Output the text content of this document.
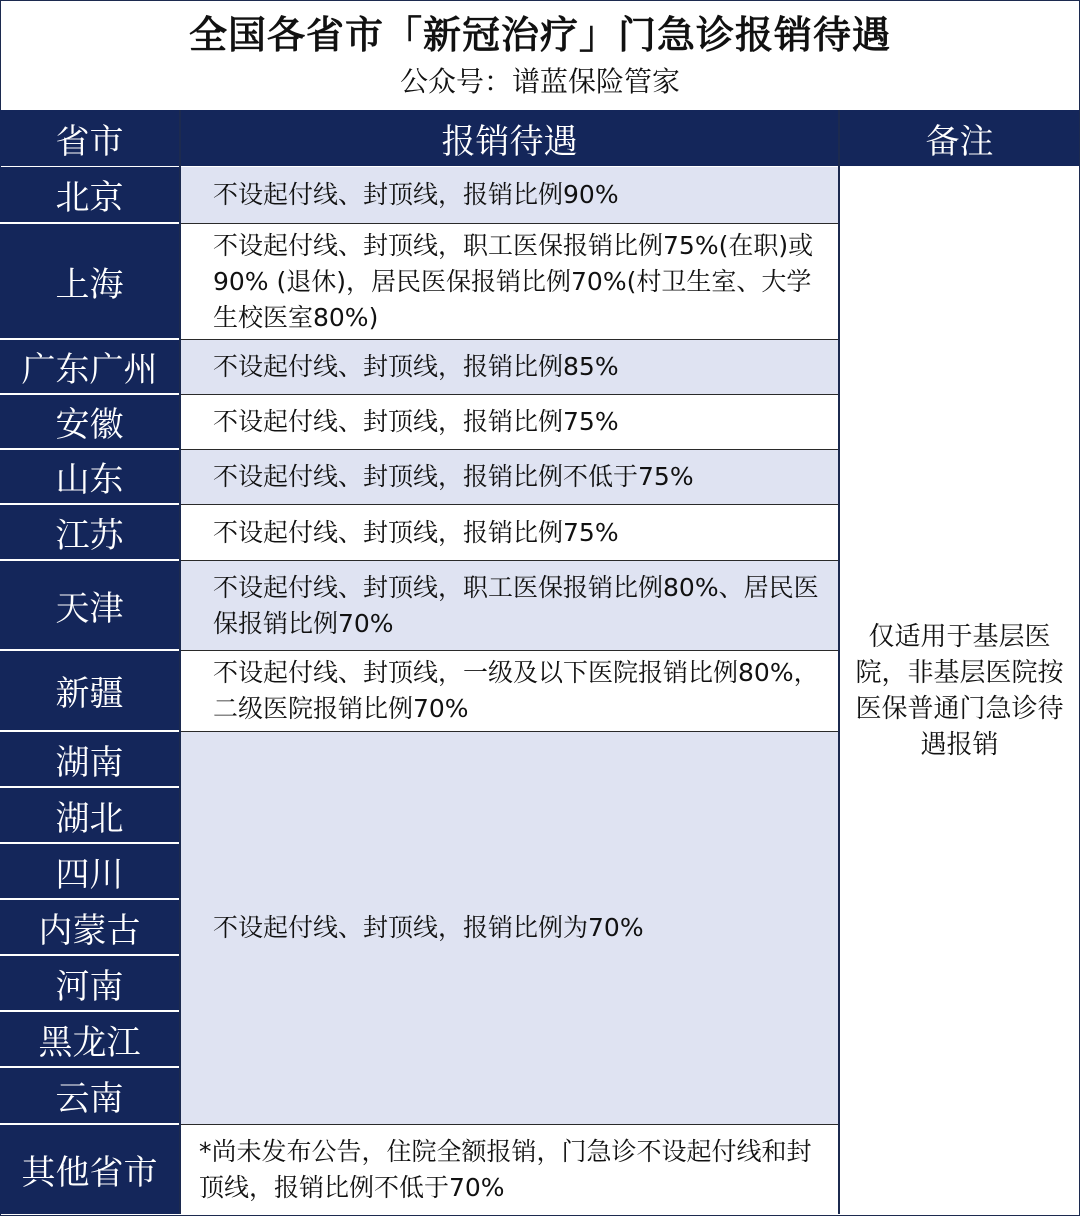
全国各省市「新冠治疗」门急诊报销待遇
公众号：谱蓝保险管家
省市	报销待遇	备注
北京
上海
广东广州
安徽
山东
江苏
天津
新疆
湖南
湖北
四川
内蒙古
河南
黑龙江
云南
其他省市
不设起付线、封顶线，报销比例90%
不设起付线、封顶线，职工医保报销比例75%(在职)或90% (退休)，居民医保报销比例70%(村卫生室、大学生校医室80%)
不设起付线、封顶线，报销比例85%
不设起付线、封顶线，报销比例75%
不设起付线、封顶线，报销比例不低于75%
不设起付线、封顶线，报销比例75%
不设起付线、封顶线，职工医保报销比例80%、居民医保报销比例70%
不设起付线、封顶线，一级及以下医院报销比例80%，二级医院报销比例70%
不设起付线、封顶线，报销比例为70%
*尚未发布公告，住院全额报销，门急诊不设起付线和封顶线，报销比例不低于70%
仅适用于基层医院，非基层医院按医保普通门急诊待遇报销
